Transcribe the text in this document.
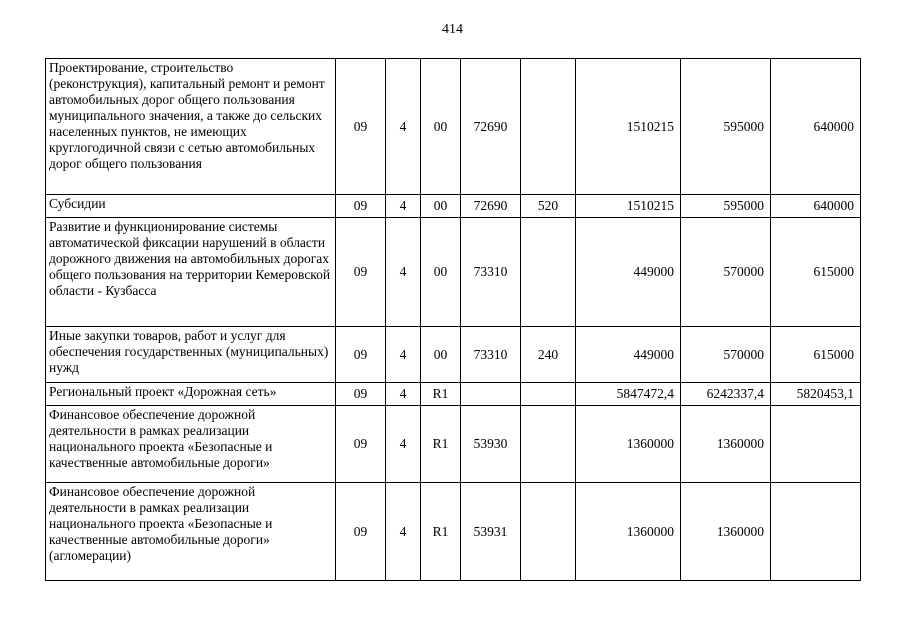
414
Проектирование, строительство (реконструкция), капитальный ремонт и ремонт автомобильных дорог общего пользования муниципального значения, а также до сельских населенных пунктов, не имеющих круглогодичной связи с сетью автомобильных дорог общего пользования	09	4	00	72690		1510215	595000	640000
Субсидии	09	4	00	72690	520	1510215	595000	640000
Развитие и функционирование системы автоматической фиксации нарушений в области дорожного движения на автомобильных дорогах общего пользования на территории Кемеровской области - Кузбасса	09	4	00	73310		449000	570000	615000
Иные закупки товаров, работ и услуг для обеспечения государственных (муниципальных) нужд	09	4	00	73310	240	449000	570000	615000
Региональный проект «Дорожная сеть»	09	4	R1			5847472,4	6242337,4	5820453,1
Финансовое обеспечение дорожной деятельности в рамках реализации национального проекта «Безопасные и качественные автомобильные дороги»	09	4	R1	53930		1360000	1360000	
Финансовое обеспечение дорожной деятельности в рамках реализации национального проекта «Безопасные и качественные автомобильные дороги» (агломерации)	09	4	R1	53931		1360000	1360000	
